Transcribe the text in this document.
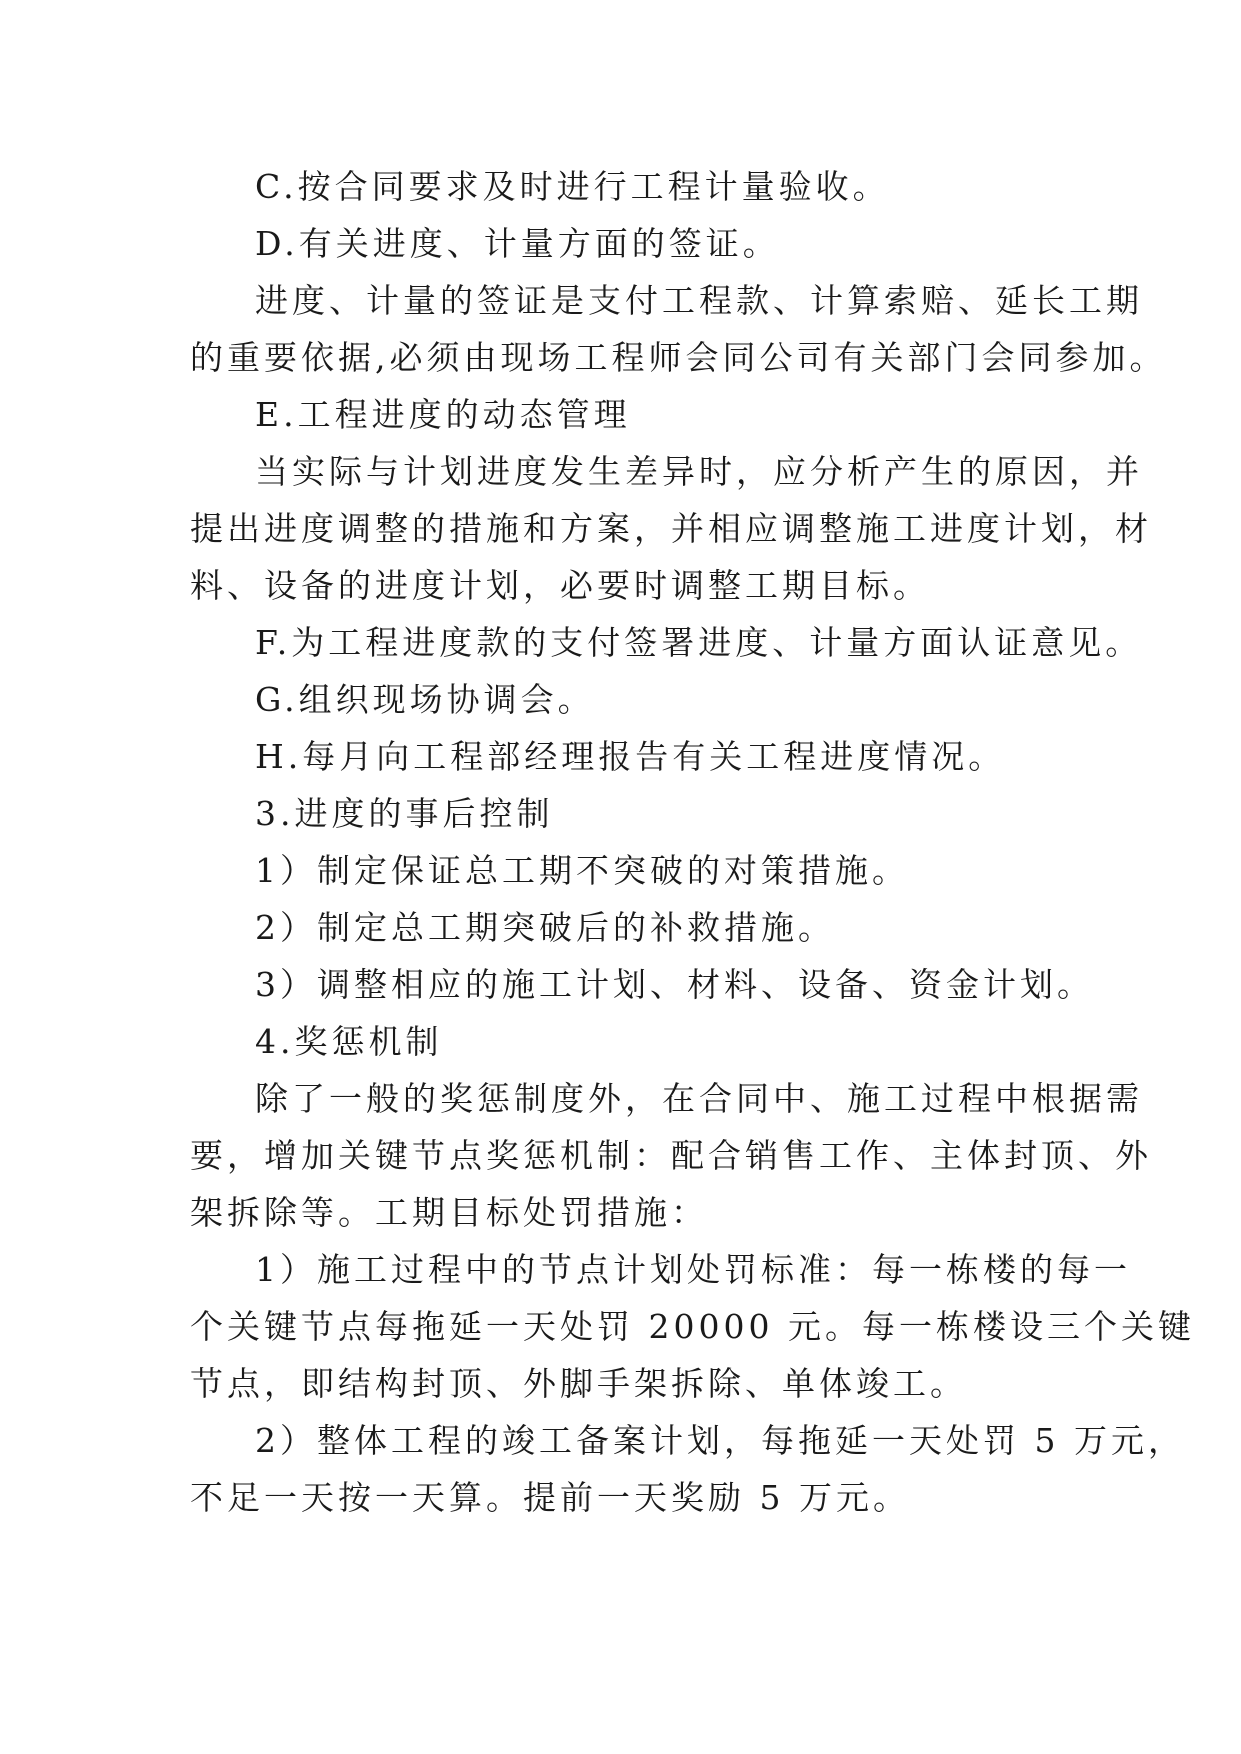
C.按合同要求及时进行工程计量验收。
D.有关进度、计量方面的签证。
进度、计量的签证是支付工程款、计算索赔、延长工期
的重要依据,必须由现场工程师会同公司有关部门会同参加。
E.工程进度的动态管理
当实际与计划进度发生差异时，应分析产生的原因，并
提出进度调整的措施和方案，并相应调整施工进度计划，材
料、设备的进度计划，必要时调整工期目标。
F.为工程进度款的支付签署进度、计量方面认证意见。
G.组织现场协调会。
H.每月向工程部经理报告有关工程进度情况。
3.进度的事后控制
1）制定保证总工期不突破的对策措施。
2）制定总工期突破后的补救措施。
3）调整相应的施工计划、材料、设备、资金计划。
4.奖惩机制
除了一般的奖惩制度外，在合同中、施工过程中根据需
要，增加关键节点奖惩机制：配合销售工作、主体封顶、外
架拆除等。工期目标处罚措施：
1）施工过程中的节点计划处罚标准：每一栋楼的每一
个关键节点每拖延一天处罚 20000 元。每一栋楼设三个关键
节点，即结构封顶、外脚手架拆除、单体竣工。
2）整体工程的竣工备案计划，每拖延一天处罚 5 万元，
不足一天按一天算。提前一天奖励 5 万元。
